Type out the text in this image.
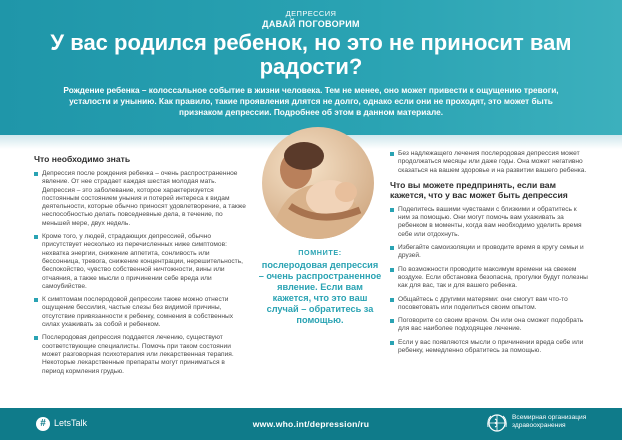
ДЕПРЕССИЯ
ДАВАЙ ПОГОВОРИМ
У вас родился ребенок, но это не приносит вам радости?
Рождение ребенка – колоссальное событие в жизни человека. Тем не менее, оно может привести к ощущению тревоги, усталости и унынию. Как правило, такие проявления длятся не долго, однако если они не проходят, это может быть признаком депрессии. Подробнее об этом в данном материале.
Что необходимо знать
Депрессия после рождения ребенка – очень распространенное явление. От нее страдает каждая шестая молодая мать. Депрессия – это заболевание, которое характеризуется постоянным состоянием уныния и потерей интереса к видам деятельности, которые обычно приносят удовлетворение, а также неспособностью делать повседневные дела, в течение, по меньшей мере, двух недель.
Кроме того, у людей, страдающих депрессией, обычно присутствует несколько из перечисленных ниже симптомов: нехватка энергии, снижение аппетита, сонливость или бессонница, тревога, снижение концентрации, нерешительность, беспокойство, чувство собственной ничтожности, вины или отчаяния, а также мысли о причинении себе вреда или самоубийстве.
К симптомам послеродовой депрессии также можно отнести ощущение бессилия, частые слезы без видимой причины, отсутствие привязанности к ребенку, сомнения в собственных силах ухаживать за собой и ребенком.
Послеродовая депрессия поддается лечению, существуют соответствующие специалисты. Помочь при таком состоянии может разговорная психотерапия или лекарственная терапия. Некоторые лекарственные препараты могут приниматься в период кормления грудью.
ПОМНИТЕ:
послеродовая депрессия – очень распространенное явление. Если вам кажется, что это ваш случай – обратитесь за помощью.
Без надлежащего лечения послеродовая депрессия может продолжаться месяцы или даже годы. Она может негативно сказаться на вашем здоровье и на развитии вашего ребенка.
Что вы можете предпринять, если вам кажется, что у вас может быть депрессия
Поделитесь вашими чувствами с близкими и обратитесь к ним за помощью. Они могут помочь вам ухаживать за ребенком в моменты, когда вам необходимо уделить время себе или отдохнуть.
Избегайте самоизоляции и проводите время в кругу семьи и друзей.
По возможности проводите максимум времени на свежем воздухе. Если обстановка безопасна, прогулки будут полезны как для вас, так и для вашего ребенка.
Общайтесь с другими матерями: они смогут вам что-то посоветовать или поделиться своим опытом.
Поговорите со своим врачом. Он или она сможет подобрать для вас наиболее подходящее лечение.
Если у вас появляются мысли о причинении вреда себе или ребенку, немедленно обратитесь за помощью.
# LetsTalk	www.who.int/depression/ru
Всемирная организация
здравоохранения
